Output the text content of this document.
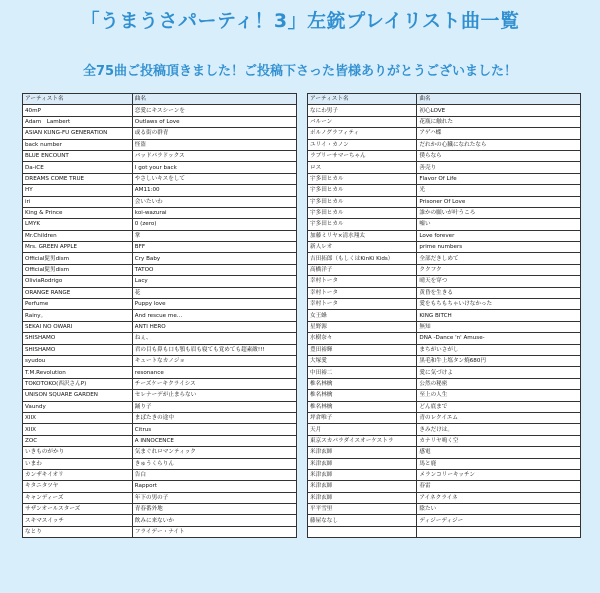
「うまうさパーティ！3」左銃プレイリスト曲一覧
全75曲ご投稿頂きました！ご投稿下さった皆様ありがとうございました！
アーティスト名	曲名
40mP	恋愛にキスシーンを
Adam　Lambert	Outlaws of Love
ASIAN KUNG-FU GENERATION	或る街の群青
back number	怪盗
BLUE ENCOUNT	バッドパラドックス
Da-iCE	I got your back
DREAMS COME TRUE	やさしいキスをして
HY	AM11:00
iri	会いたいわ
King & Prince	koi-wazurai
LMYK	0 (zero)
Mr.Children	掌
Mrs. GREEN APPLE	BFF
Official髭男dism	Cry Baby
Official髭男dism	TATOO
OliviaRodrigo	Lacy
ORANGE RANGE	花
Perfume	Puppy love
Rainy。	And rescue me…
SEKAI NO OWARI	ANTI HERO
SHISHAMO	ねぇ、
SHISHAMO	君の目も鼻も口も顎も眉も寝ても覚めても超素敵!!!
syudou	キュートなカノジョ
T.M.Revolution	resonance
TOKOTOKO(西沢さんP)	チーズケーキクライシス
UNISON SQUARE GARDEN	セレナーデが止まらない
Vaundy	踊り子
XIIX	まばたきの途中
XIIX	Citrus
ZOC	A INNOCENCE
いきものがかり	気まぐれロマンティック
いまわ	きゅうくらりん
カンザキイオリ	告白
キタニタツヤ	Rapport
キャンディーズ	年下の男の子
サザンオールスターズ	青春番外地
スキマスイッチ	飲みに来ないか
なとり	フライデー・ナイト
アーティスト名	曲名
なにわ男子	初心LOVE
バルーン	花瓶に触れた
ポルノグラフィティ	アゲハ蝶
ユリイ・カノン	だれかの心臓になれたなら
ラブリーサマーちゃん	僕らなら
ロス	善売り
宇多田ヒカル	Flavor Of Life
宇多田ヒカル	光
宇多田ヒカル	Prisoner Of Love
宇多田ヒカル	誰かの願いが叶うころ
宇多田ヒカル	嘘い
加藤ミリヤ×清水翔太	Love forever
新人レオ	prime numbers
吉田拓郎（もしくはKinKi Kids）	全部だきしめて
高橋洋子	ククフク
幸村トータ	晴天を穿つ
幸村トータ	黄昏を生きる
幸村トータ	愛をもちもちゃいけなかった
女王蜂	KING BITCH
星野源	無知
水樹奈々	DNA -Dance 'n' Amuse-
豊田裕輝	まちがいさがし
大塚愛	黒毛和牛上塩タン焼680円
中田裕二	愛に気づけよ
椎名林檎	公然の秘密
椎名林檎	至上の人生
椎名林檎	どん底まで
坪倉唯子	青のレクイエム
天月	きみだけは。
東京スカパラダイスオーケストラ	カナリヤ鳴く空
米津玄師	感電
米津玄師	馬と鹿
米津玄師	メランコリーキッチン
米津玄師	春雷
米津玄師	アイネクライネ
平平雪里	陰たい
藤屋ななし	ディジーディジー
